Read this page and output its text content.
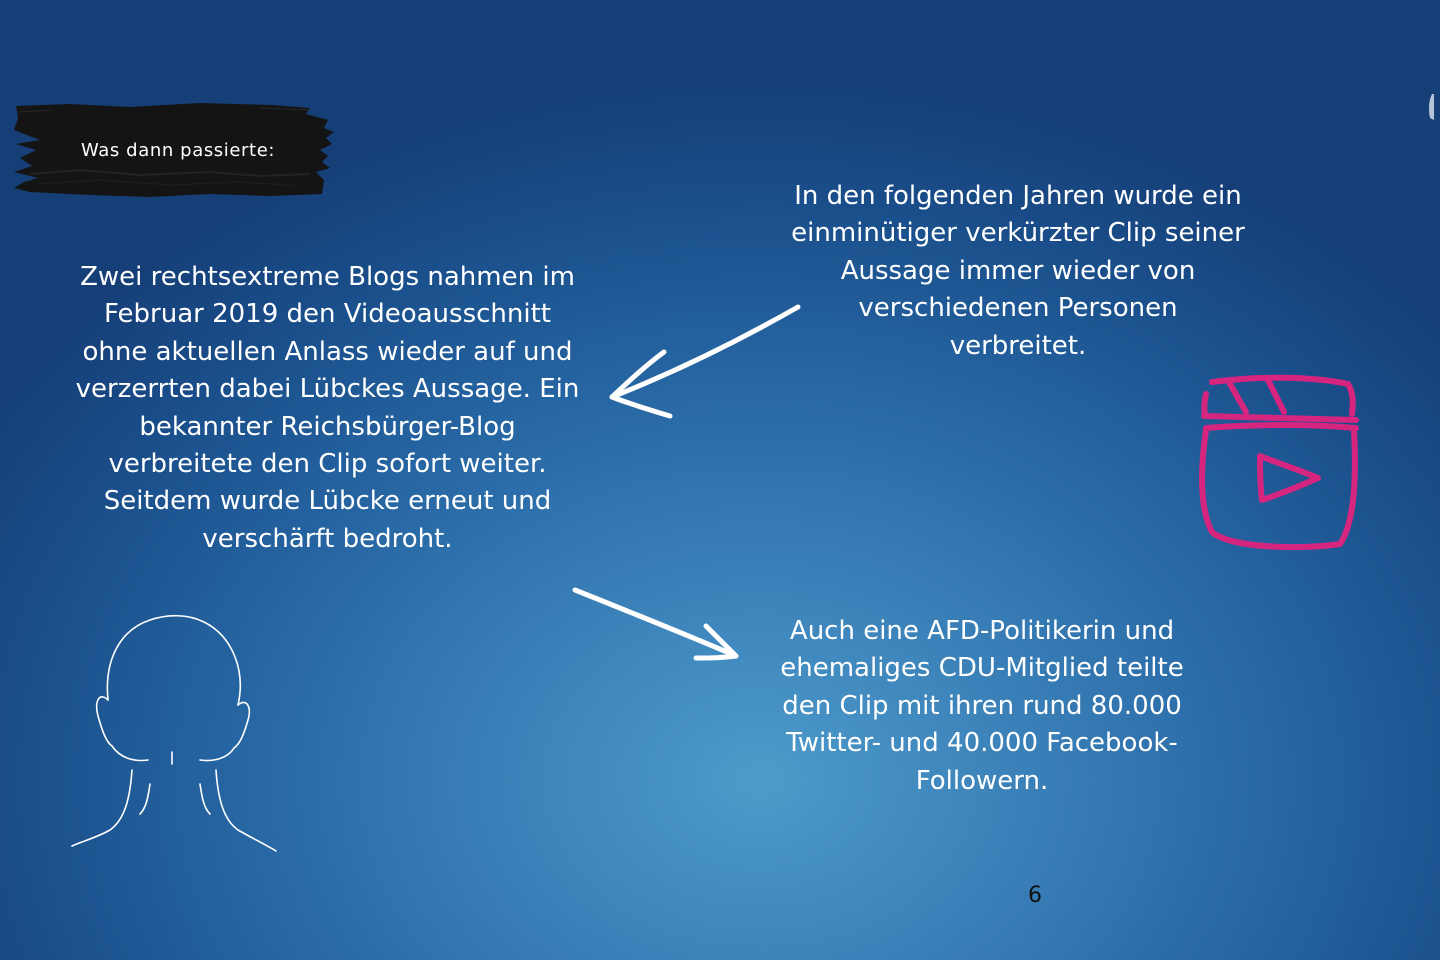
Was dann passierte:

Zwei rechtsextreme Blogs nahmen im Februar 2019 den Videoausschnitt ohne aktuellen Anlass wieder auf und verzerrten dabei Lübckes Aussage. Ein bekannter Reichsbürger-Blog verbreitete den Clip sofort weiter. Seitdem wurde Lübcke erneut und verschärft bedroht.

In den folgenden Jahren wurde ein einminütiger verkürzter Clip seiner Aussage immer wieder von verschiedenen Personen verbreitet.

Auch eine AFD-Politikerin und ehemaliges CDU-Mitglied teilte den Clip mit ihren rund 80.000 Twitter- und 40.000 Facebook-Followern.

6
